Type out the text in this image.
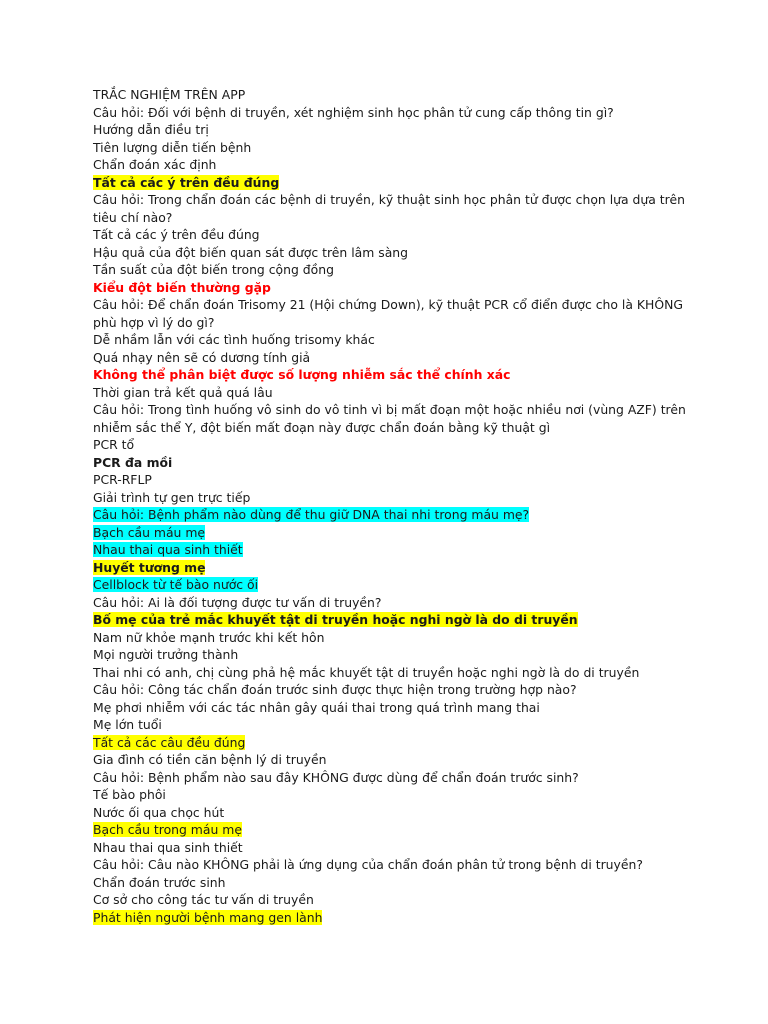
TRẮC NGHIỆM TRÊN APP
Câu hỏi: Đối với bệnh di truyền, xét nghiệm sinh học phân tử cung cấp thông tin gì?
Hướng dẫn điều trị
Tiên lượng diễn tiến bệnh
Chẩn đoán xác định
Tất cả các ý trên đều đúng
Câu hỏi: Trong chẩn đoán các bệnh di truyền, kỹ thuật sinh học phân tử được chọn lựa dựa trên tiêu chí nào?
Tất cả các ý trên đều đúng
Hậu quả của đột biến quan sát được trên lâm sàng
Tần suất của đột biến trong cộng đồng
Kiểu đột biến thường gặp
Câu hỏi: Để chẩn đoán Trisomy 21 (Hội chứng Down), kỹ thuật PCR cổ điển được cho là KHÔNG phù hợp vì lý do gì?
Dễ nhầm lẫn với các tình huống trisomy khác
Quá nhạy nên sẽ có dương tính giả
Không thể phân biệt được số lượng nhiễm sắc thể chính xác
Thời gian trả kết quả quá lâu
Câu hỏi: Trong tình huống vô sinh do vô tinh vì bị mất đoạn một hoặc nhiều nơi (vùng AZF) trên nhiễm sắc thể Y, đột biến mất đoạn này được chẩn đoán bằng kỹ thuật gì
PCR tổ
PCR đa mồi
PCR-RFLP
Giải trình tự gen trực tiếp
Câu hỏi: Bệnh phẩm nào dùng để thu giữ DNA thai nhi trong máu mẹ?
Bạch cầu máu mẹ
Nhau thai qua sinh thiết
Huyết tương mẹ
Cellblock từ tế bào nước ối
Câu hỏi: Ai là đối tượng được tư vấn di truyền?
Bố mẹ của trẻ mắc khuyết tật di truyền hoặc nghi ngờ là do di truyền
Nam nữ khỏe mạnh trước khi kết hôn
Mọi người trưởng thành
Thai nhi có anh, chị cùng phả hệ mắc khuyết tật di truyền hoặc nghi ngờ là do di truyền
Câu hỏi: Công tác chẩn đoán trước sinh được thực hiện trong trường hợp nào?
Mẹ phơi nhiễm với các tác nhân gây quái thai trong quá trình mang thai
Mẹ lớn tuổi
Tất cả các câu đều đúng
Gia đình có tiền căn bệnh lý di truyền
Câu hỏi: Bệnh phẩm nào sau đây KHÔNG được dùng để chẩn đoán trước sinh?
Tế bào phôi
Nước ối qua chọc hút
Bạch cầu trong máu mẹ
Nhau thai qua sinh thiết
Câu hỏi: Câu nào KHÔNG phải là ứng dụng của chẩn đoán phân tử trong bệnh di truyền?
Chẩn đoán trước sinh
Cơ sở cho công tác tư vấn di truyền
Phát hiện người bệnh mang gen lành
